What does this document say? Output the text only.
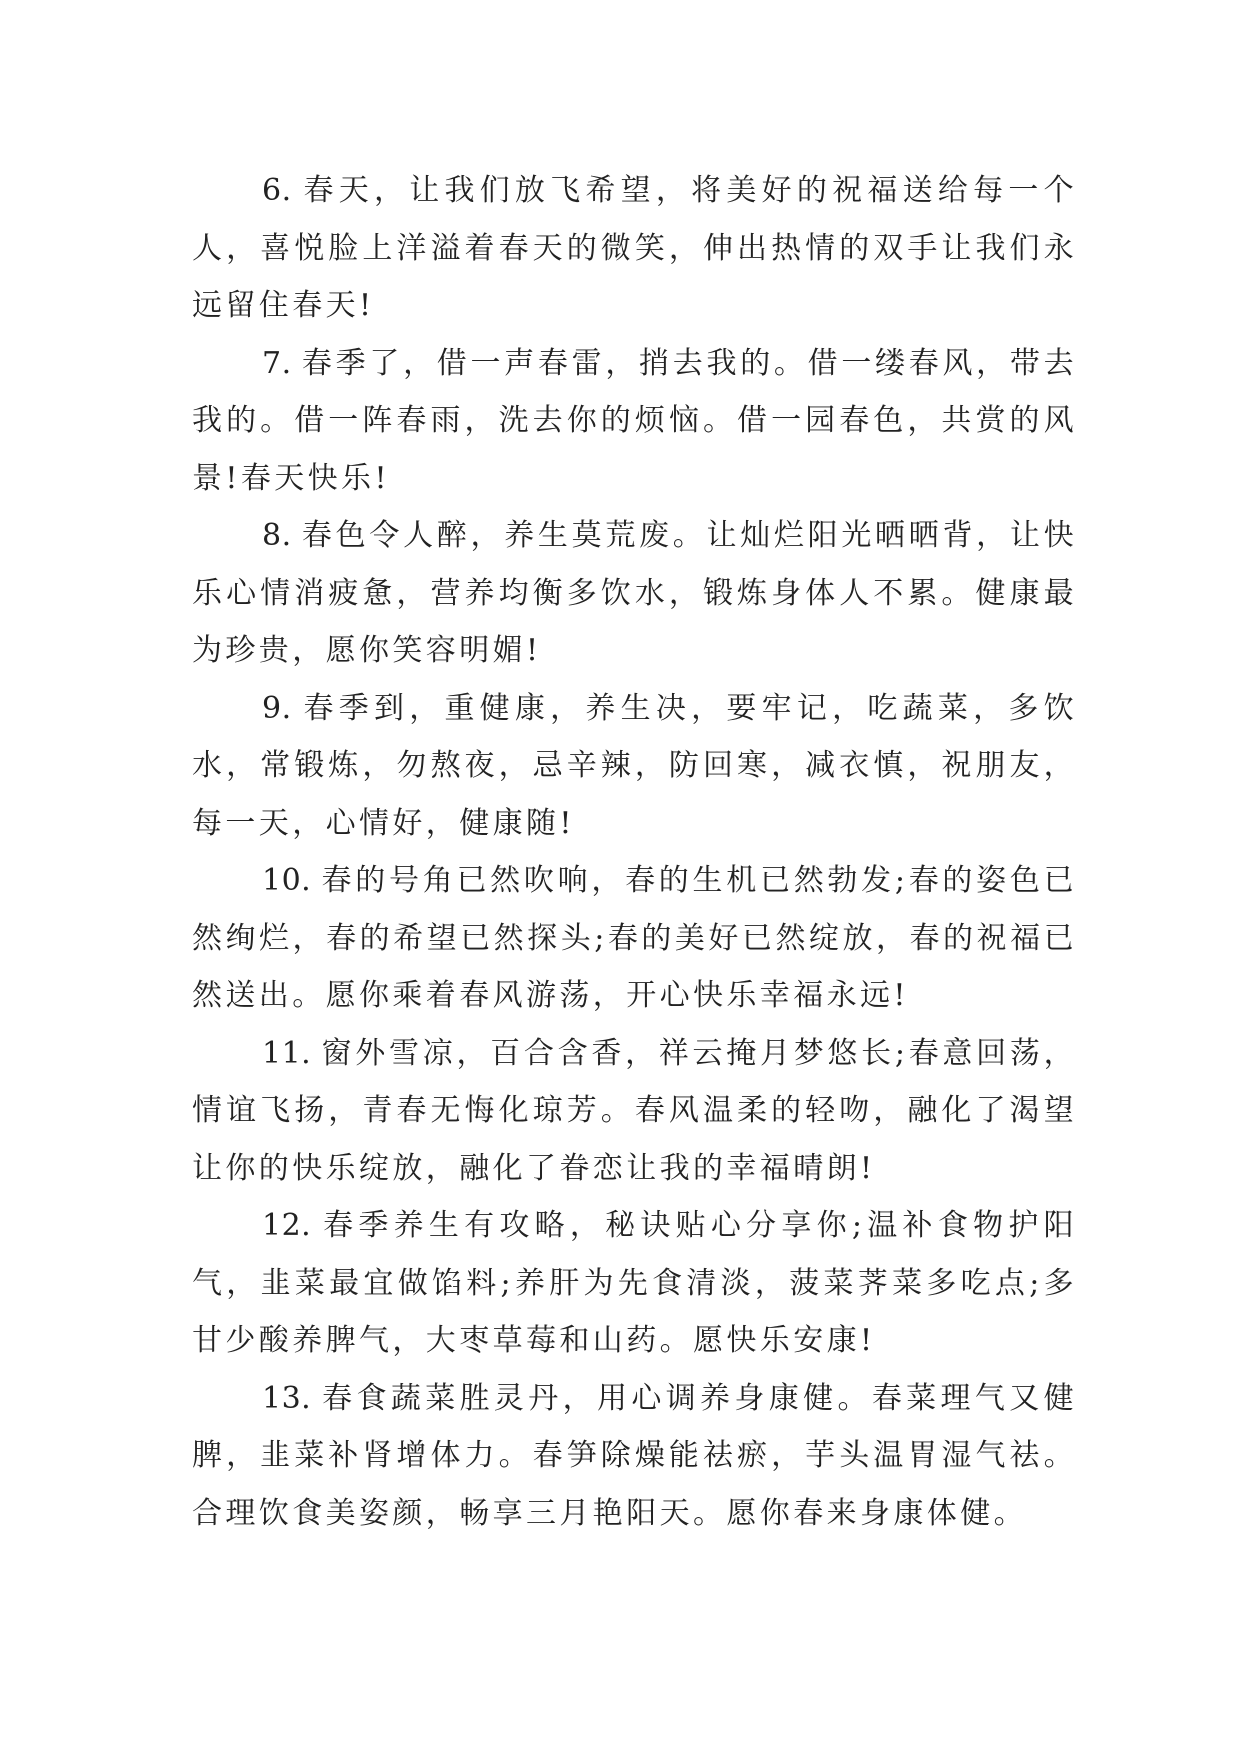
6. 春天，让我们放飞希望，将美好的祝福送给每一个人，喜悦脸上洋溢着春天的微笑，伸出热情的双手让我们永远留住春天!

7. 春季了，借一声春雷，捎去我的。借一缕春风，带去我的。借一阵春雨，洗去你的烦恼。借一园春色，共赏的风景!春天快乐!

8. 春色令人醉，养生莫荒废。让灿烂阳光晒晒背，让快乐心情消疲惫，营养均衡多饮水，锻炼身体人不累。健康最为珍贵，愿你笑容明媚!

9. 春季到，重健康，养生决，要牢记，吃蔬菜，多饮水，常锻炼，勿熬夜，忌辛辣，防回寒，减衣慎，祝朋友，每一天，心情好，健康随!

10. 春的号角已然吹响，春的生机已然勃发;春的姿色已然绚烂，春的希望已然探头;春的美好已然绽放，春的祝福已然送出。愿你乘着春风游荡，开心快乐幸福永远!

11. 窗外雪凉，百合含香，祥云掩月梦悠长;春意回荡，情谊飞扬，青春无悔化琼芳。春风温柔的轻吻，融化了渴望让你的快乐绽放，融化了眷恋让我的幸福晴朗!

12. 春季养生有攻略，秘诀贴心分享你;温补食物护阳气，韭菜最宜做馅料;养肝为先食清淡，菠菜荠菜多吃点;多甘少酸养脾气，大枣草莓和山药。愿快乐安康!

13. 春食蔬菜胜灵丹，用心调养身康健。春菜理气又健脾，韭菜补肾增体力。春笋除燥能祛瘀，芋头温胃湿气祛。合理饮食美姿颜，畅享三月艳阳天。愿你春来身康体健。
